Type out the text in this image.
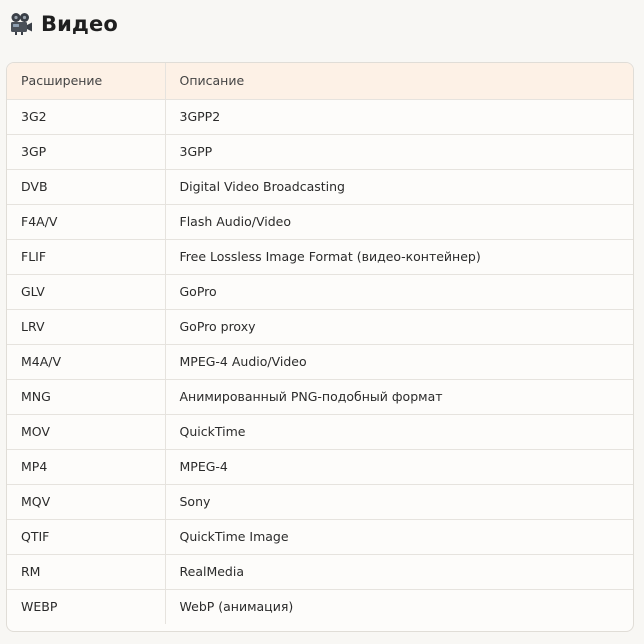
Видео
Расширение	Описание
3G2	3GPP2
3GP	3GPP
DVB	Digital Video Broadcasting
F4A/V	Flash Audio/Video
FLIF	Free Lossless Image Format (видео-контейнер)
GLV	GoPro
LRV	GoPro proxy
M4A/V	MPEG-4 Audio/Video
MNG	Анимированный PNG-подобный формат
MOV	QuickTime
MP4	MPEG-4
MQV	Sony
QTIF	QuickTime Image
RM	RealMedia
WEBP	WebP (анимация)
